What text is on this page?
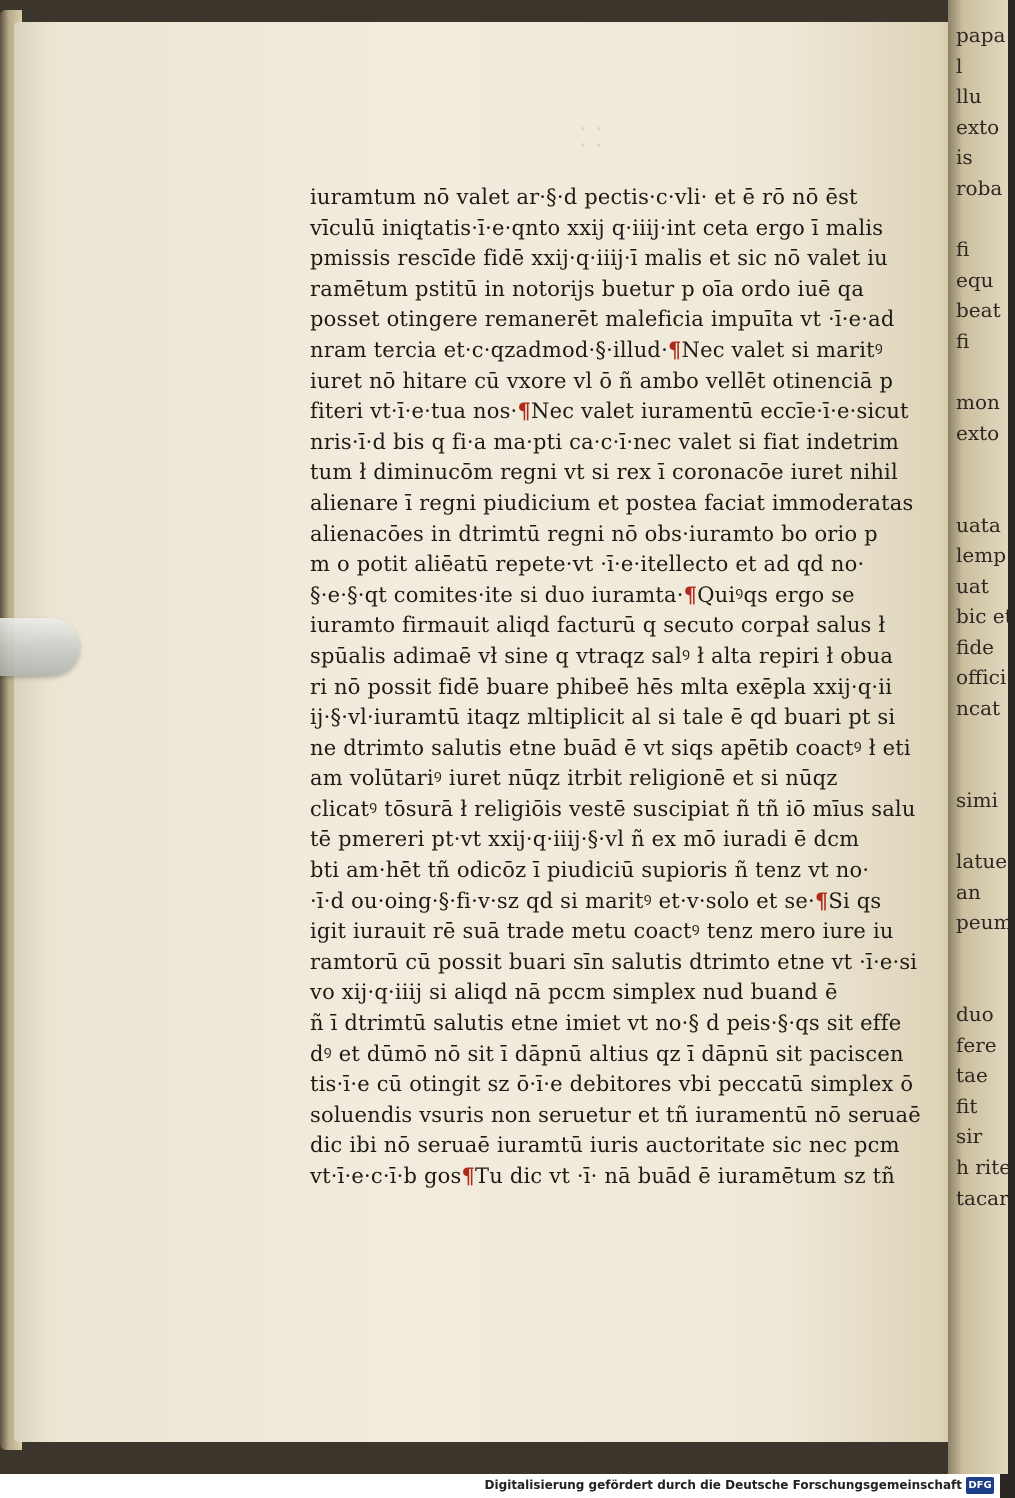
papa
l
llu
exto
is
roba

fi
equ
beat
fi

mon
exto

uata
lemp
uat
bic
fide
offici
ncat

simi

latue
an
peum

duo
fere
tae
fit
sir
h rite
tacari
⸬
iuramtum nō valet ar·§·d pectis·c·vli· et ē rō nō ēst
vīculū iniqtatis·ī·e·qnto xxij q·iiij·int ceta ergo ī malis
pmissis rescīde fidē xxij·q·iiij·ī malis et sic nō valet iu
ramētum pstitū in notorijs buetur p oīa ordo iuē qa
posset otingere remanerēt maleficia impuīta vt ·ī·e·ad
nram tercia et·c·qzadmod·§·illud·¶Nec valet si maritꝰ
iuret nō hitare cū vxore vl ō ñ ambo vellēt otinenciā p
fiteri vt·ī·e·tua nos·¶Nec valet iuramentū eccīe·ī·e·sicut
nris·ī·d bis q fi·a ma·pti ca·c·ī·nec valet si fiat indetrim
tum ł diminucōm regni vt si rex ī coronacōe iuret nihil
alienare ī regni piudicium et postea faciat immoderatas
alienacōes in dtrimtū regni nō obs·iuramto bo orio p
m o potit aliēatū repete·vt ·ī·e·itellecto et ad qd no·
§·e·§·qt comites·ite si duo iuramta·¶Quiꝰqs ergo se
iuramto firmauit aliqd facturū q secuto corpał salus ł
spūalis adimaē vł sine q vtraqz salꝰ ł alta repiri ł obua
ri nō possit fidē buare phibeē hēs mlta exēpla xxij·q·ii
ij·§·vl·iuramtū itaqz mltiplicit al si tale ē qd buari pt si
ne dtrimto salutis etne buād ē vt siqs apētib coactꝰ ł eti
am volūtariꝰ iuret nūqz itrbit religionē et si nūqz
clicatꝰ tōsurā ł religiōis vestē suscipiat ñ tñ iō mīus salu
tē pmereri pt·vt xxij·q·iiij·§·vl ñ ex mō iuradi ē dcm
bti am·hēt tñ odicōz ī piudiciū supioris ñ tenz vt no·
·ī·d ou·oing·§·fi·v·sz qd si maritꝰ et·v·solo et se·¶Si qs
igit iurauit rē suā trade metu coactꝰ tenz mero iure iu
ramtorū cū possit buari sīn salutis dtrimto etne vt ·ī·e·si
vo xij·q·iiij si aliqd nā pccm simplex nud buand ē
ñ ī dtrimtū salutis etne imiet vt no·§ d peis·§·qs sit effe
dꝰ et dūmō nō sit ī dāpnū altius qz ī dāpnū sit paciscen
tis·ī·e cū otingit sz ō·ī·e debitores vbi peccatū simplex ō
soluendis vsuris non seruetur et tñ iuramentū nō seruaē
dic ibi nō seruaē iuramtū iuris auctoritate sic nec pcm
vt·ī·e·c·ī·b gos¶Tu dic vt ·ī· nā buād ē iuramētum sz tñ
Digitalisierung gefördert durch die Deutsche Forschungsgemeinschaft DFG
